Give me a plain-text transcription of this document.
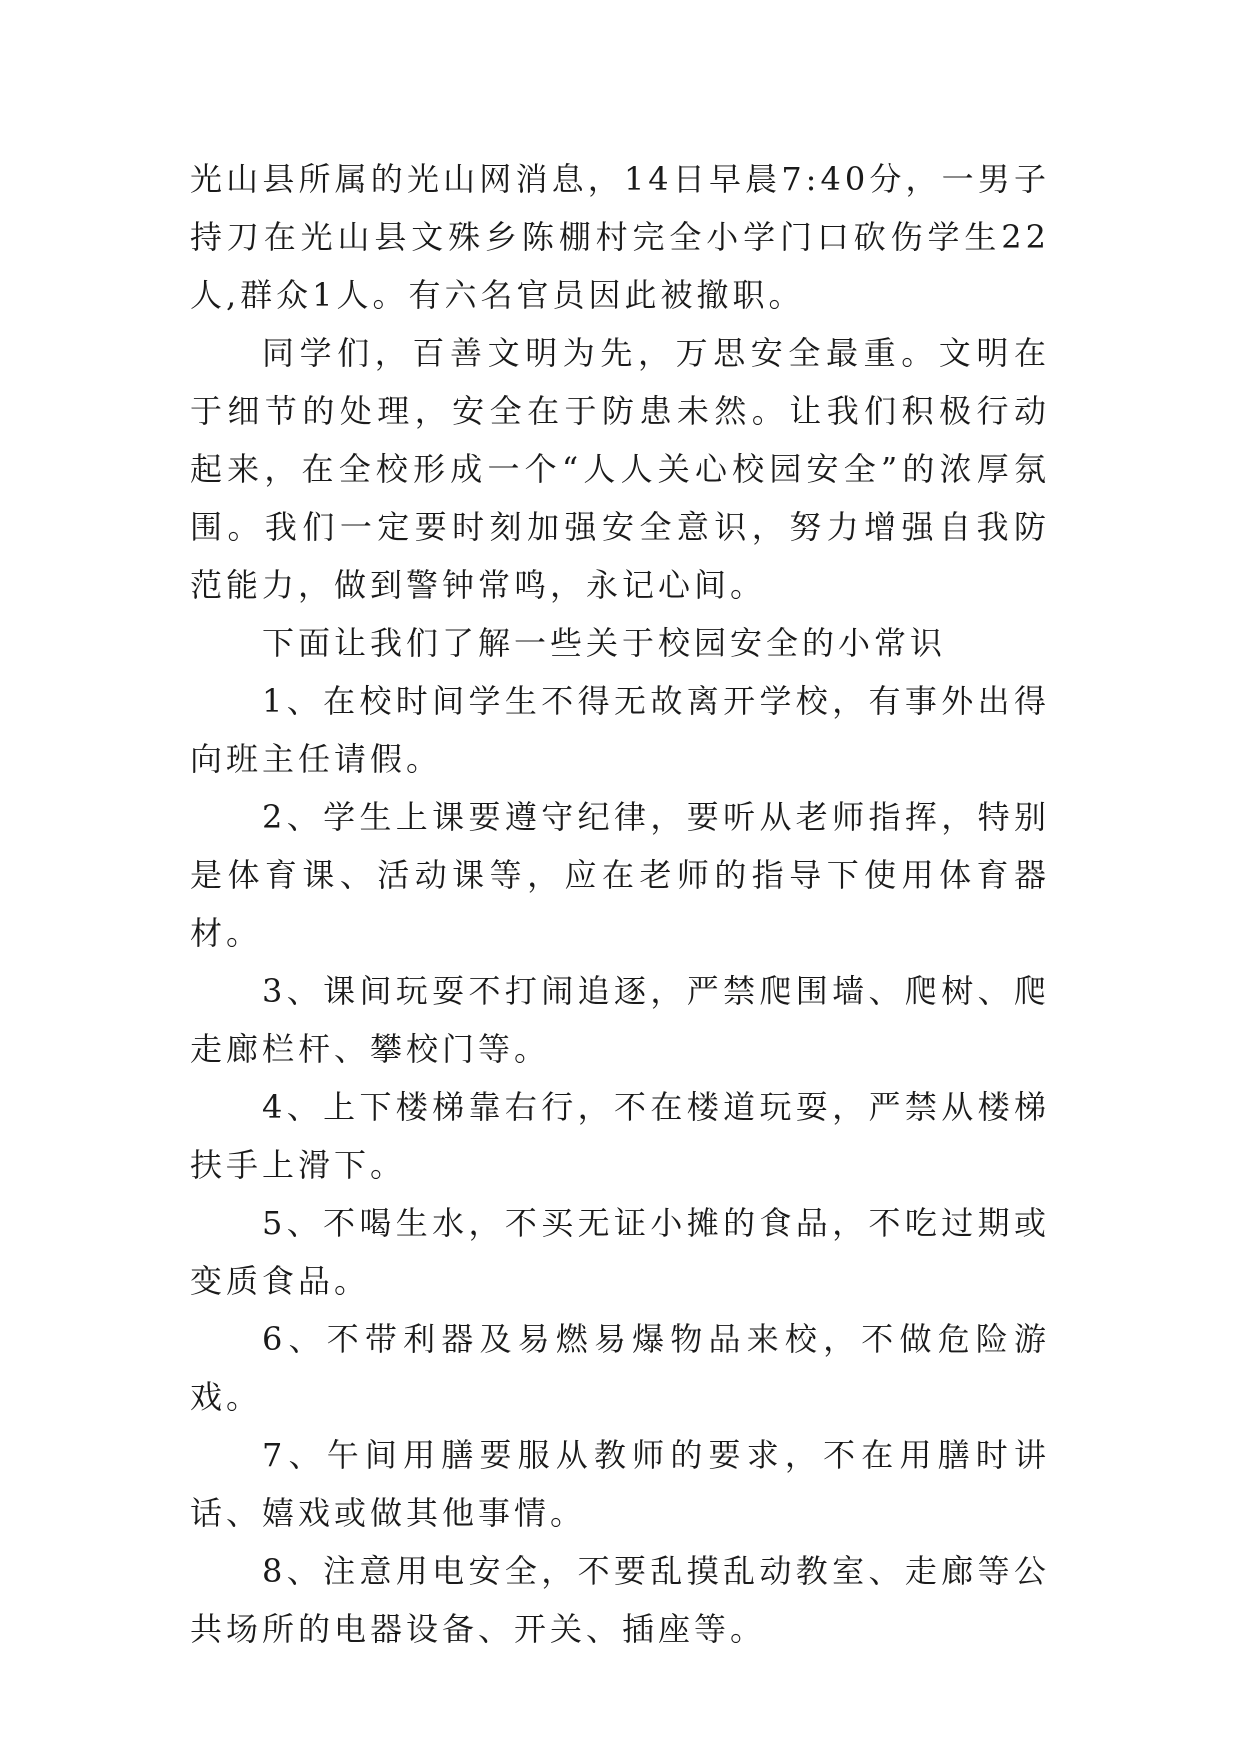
光山县所属的光山网消息，14日早晨7:40分，一男子持刀在光山县文殊乡陈棚村完全小学门口砍伤学生22人,群众1人。有六名官员因此被撤职。

同学们，百善文明为先，万思安全最重。文明在于细节的处理，安全在于防患未然。让我们积极行动起来，在全校形成一个“人人关心校园安全”的浓厚氛围。我们一定要时刻加强安全意识，努力增强自我防范能力，做到警钟常鸣，永记心间。

下面让我们了解一些关于校园安全的小常识

1、在校时间学生不得无故离开学校，有事外出得向班主任请假。

2、学生上课要遵守纪律，要听从老师指挥，特别是体育课、活动课等，应在老师的指导下使用体育器材。

3、课间玩耍不打闹追逐，严禁爬围墙、爬树、爬走廊栏杆、攀校门等。

4、上下楼梯靠右行，不在楼道玩耍，严禁从楼梯扶手上滑下。

5、不喝生水，不买无证小摊的食品，不吃过期或变质食品。

6、不带利器及易燃易爆物品来校，不做危险游戏。

7、午间用膳要服从教师的要求，不在用膳时讲话、嬉戏或做其他事情。

8、注意用电安全，不要乱摸乱动教室、走廊等公共场所的电器设备、开关、插座等。
